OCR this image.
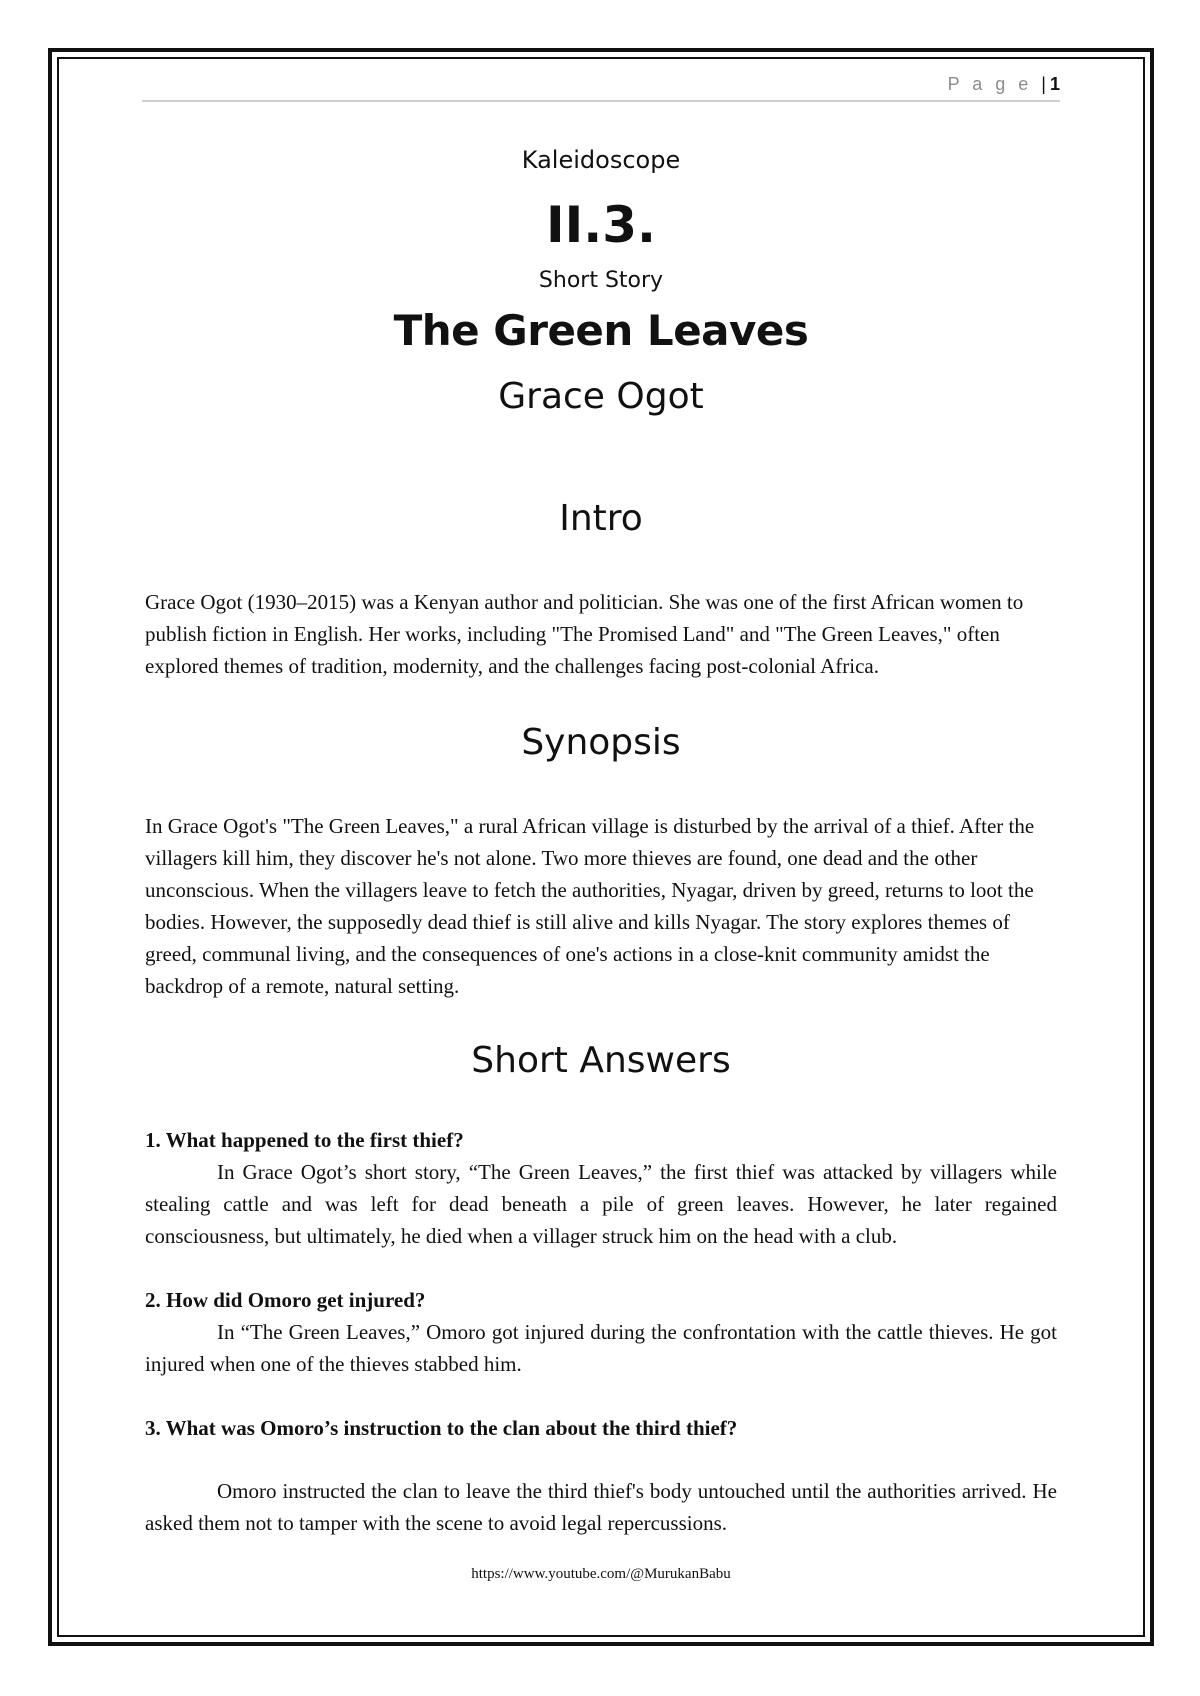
P a g e | 1
Kaleidoscope
II.3.
Short Story
The Green Leaves
Grace Ogot
Intro
Grace Ogot (1930–2015) was a Kenyan author and politician. She was one of the first African women to publish fiction in English. Her works, including "The Promised Land" and "The Green Leaves," often explored themes of tradition, modernity, and the challenges facing post-colonial Africa.
Synopsis
In Grace Ogot's "The Green Leaves," a rural African village is disturbed by the arrival of a thief. After the villagers kill him, they discover he's not alone. Two more thieves are found, one dead and the other unconscious. When the villagers leave to fetch the authorities, Nyagar, driven by greed, returns to loot the bodies. However, the supposedly dead thief is still alive and kills Nyagar. The story explores themes of greed, communal living, and the consequences of one's actions in a close-knit community amidst the backdrop of a remote, natural setting.
Short Answers
1. What happened to the first thief?
In Grace Ogot’s short story, “The Green Leaves,” the first thief was attacked by villagers while stealing cattle and was left for dead beneath a pile of green leaves. However, he later regained consciousness, but ultimately, he died when a villager struck him on the head with a club.
2. How did Omoro get injured?
In “The Green Leaves,” Omoro got injured during the confrontation with the cattle thieves. He got injured when one of the thieves stabbed him.
3. What was Omoro’s instruction to the clan about the third thief?
Omoro instructed the clan to leave the third thief's body untouched until the authorities arrived. He asked them not to tamper with the scene to avoid legal repercussions.
https://www.youtube.com/@MurukanBabu
